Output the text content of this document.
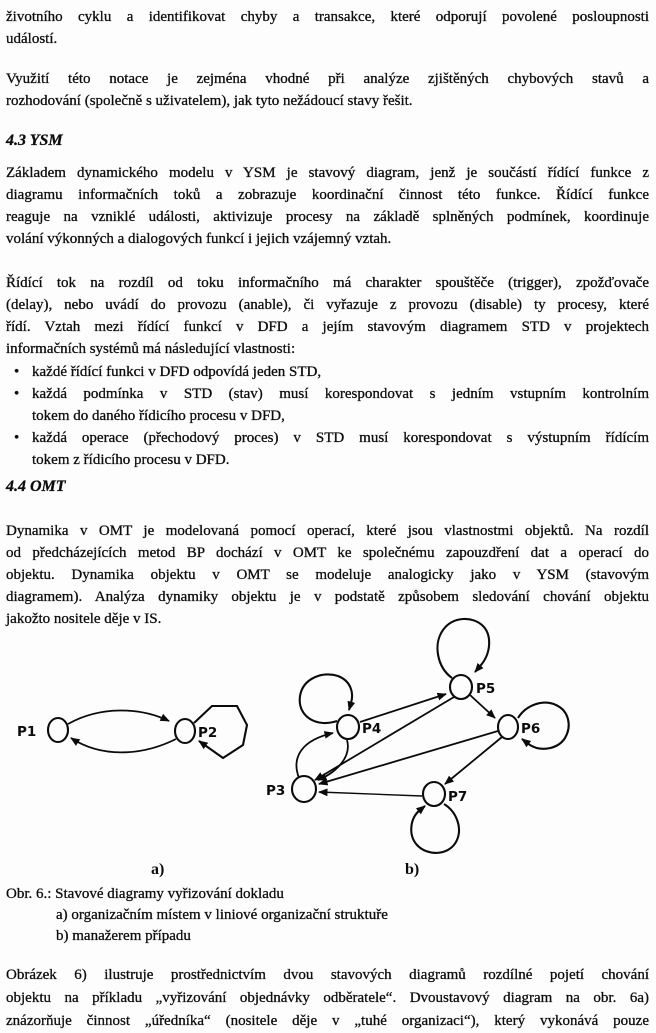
životního cyklu a identifikovat chyby a transakce, které odporují povolené posloupnosti
událostí.
Využití této notace je zejména vhodné při analýze zjištěných chybových stavů a
rozhodování (společně s uživatelem), jak tyto nežádoucí stavy řešit.
4.3 YSM
Základem dynamického modelu v YSM je stavový diagram, jenž je součástí řídící funkce z
diagramu informačních toků a zobrazuje koordinační činnost této funkce. Řídící funkce
reaguje na vzniklé události, aktivizuje procesy na základě splněných podmínek, koordinuje
volání výkonných a dialogových funkcí i jejich vzájemný vztah.
Řídící tok na rozdíl od toku informačního má charakter spouštěče (trigger), zpožďovače
(delay), nebo uvádí do provozu (anable), či vyřazuje z provozu (disable) ty procesy, které
řídí. Vztah mezi řídící funkcí v DFD a jejím stavovým diagramem STD v projektech
informačních systémů má následující vlastnosti:
• každé řídící funkci v DFD odpovídá jeden STD,
• každá podmínka v STD (stav) musí korespondovat s jedním vstupním kontrolním
tokem do daného řídicího procesu v DFD,
• každá operace (přechodový proces) v STD musí korespondovat s výstupním řídícím
tokem z řídicího procesu v DFD.
4.4 OMT
Dynamika v OMT je modelovaná pomocí operací, které jsou vlastnostmi objektů. Na rozdíl
od předcházejících metod BP dochází v OMT ke společnému zapouzdření dat a operací do
objektu. Dynamika objektu v OMT se modeluje analogicky jako v YSM (stavovým
diagramem). Analýza dynamiky objektu je v podstatě způsobem sledování chování objektu
jakožto nositele děje v IS.
P1	P2
a)
P3
P4
P5
P6
P7
b)
Obr. 6.: Stavové diagramy vyřizování dokladu
a) organizačním místem v liniové organizační struktuře
b) manažerem případu
Obrázek 6) ilustruje prostřednictvím dvou stavových diagramů rozdílné pojetí chování
objektu na příkladu „vyřizování objednávky odběratele“. Dvoustavový diagram na obr. 6a)
znázorňuje činnost „úředníka“ (nositele děje v „tuhé organizaci“), který vykonává pouze
